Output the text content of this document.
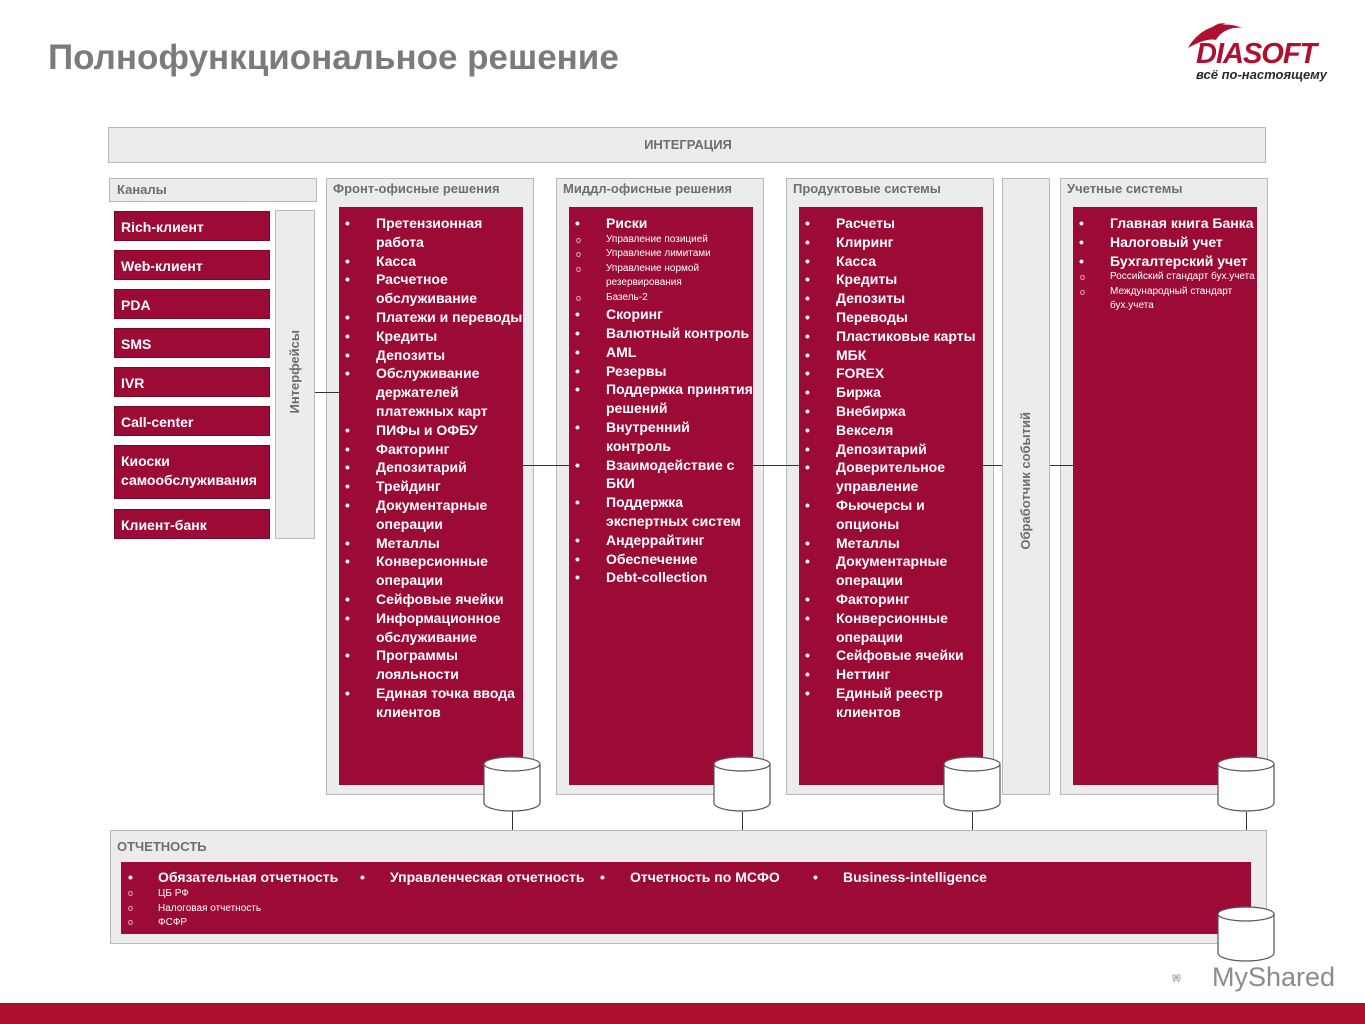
Полнофункциональное решение	DIASOFT
всё по-настоящему
ИНТЕГРАЦИЯ
Каналы
Rich-клиент
Web-клиент
PDA
SMS
IVR
Call-center
Киоски самообслуживания
Клиент-банк
Интерфейсы
Фронт-офисные решения
• Претензионная работа
• Касса
• Расчетное обслуживание
• Платежи и переводы
• Кредиты
• Депозиты
• Обслуживание держателей платежных карт
• ПИФы и ОФБУ
• Факторинг
• Депозитарий
• Трейдинг
• Документарные операции
• Металлы
• Конверсионные операции
• Сейфовые ячейки
• Информационное обслуживание
• Программы лояльности
• Единая точка ввода клиентов
Миддл-офисные решения
• Риски
o Управление позицией
o Управление лимитами
o Управление нормой резервирования
o Базель-2
• Скоринг
• Валютный контроль
• AML
• Резервы
• Поддержка принятия решений
• Внутренний контроль
• Взаимодействие с БКИ
• Поддержка экспертных систем
• Андеррайтинг
• Обеспечение
• Debt-collection
Продуктовые системы
• Расчеты
• Клиринг
• Касса
• Кредиты
• Депозиты
• Переводы
• Пластиковые карты
• МБК
• FOREX
• Биржа
• Внебиржа
• Векселя
• Депозитарий
• Доверительное управление
• Фьючерсы и опционы
• Металлы
• Документарные операции
• Факторинг
• Конверсионные операции
• Сейфовые ячейки
• Неттинг
• Единый реестр клиентов
Обработчик событий
Учетные системы
• Главная книга Банка
• Налоговый учет
• Бухгалтерский учет
o Российский стандарт бух.учета
o Международный стандарт бух.учета
ОТЧЕТНОСТЬ
• Обязательная отчетность
o ЦБ РФ
o Налоговая отчетность
o ФСФР
• Управленческая отчетность	• Отчетность по МСФО	• Business-intelligence
MyShared
